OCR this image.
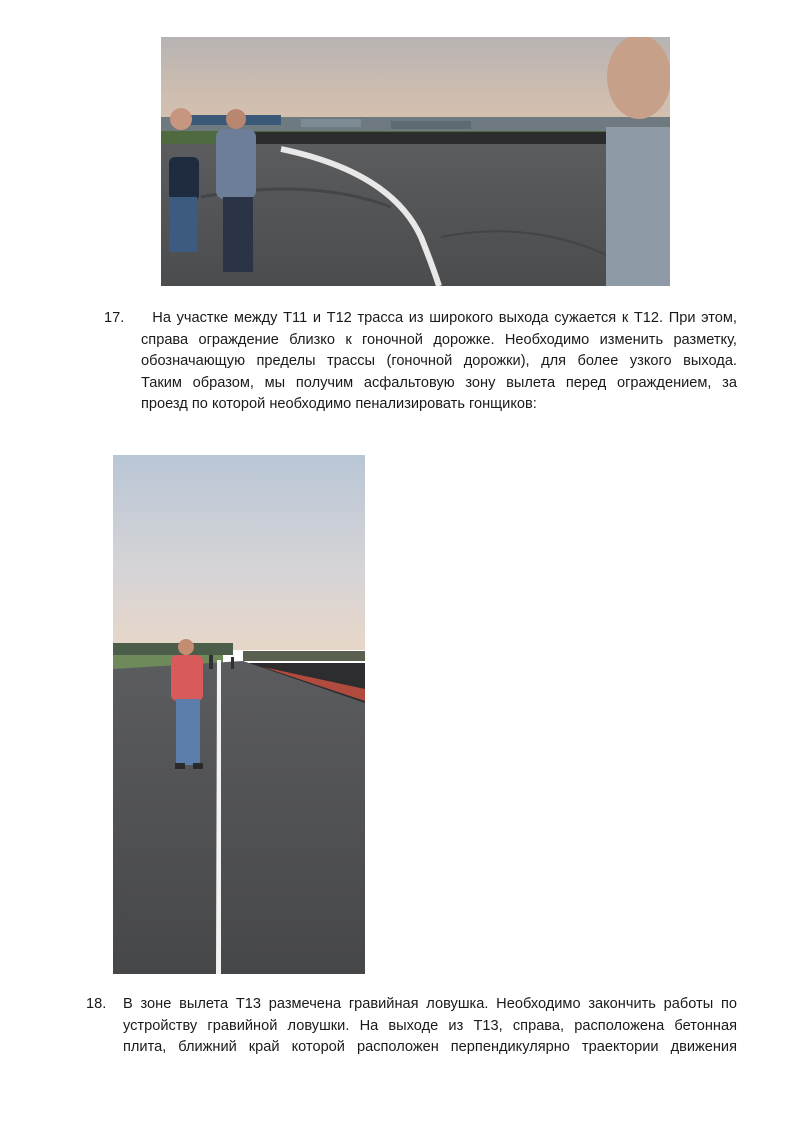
17. На участке между Т11 и Т12 трасса из широкого выхода сужается к Т12. При этом,
справа ограждение близко к гоночной дорожке. Необходимо изменить разметку,
обозначающую пределы трассы (гоночной дорожки), для более узкого выхода.
Таким образом, мы получим асфальтовую зону вылета перед ограждением, за
проезд по которой необходимо пенализировать гонщиков:
18. В зоне вылета Т13 размечена гравийная ловушка. Необходимо закончить работы по
устройству гравийной ловушки. На выходе из Т13, справа, расположена бетонная
плита, ближний край которой расположен перпендикулярно траектории движения
